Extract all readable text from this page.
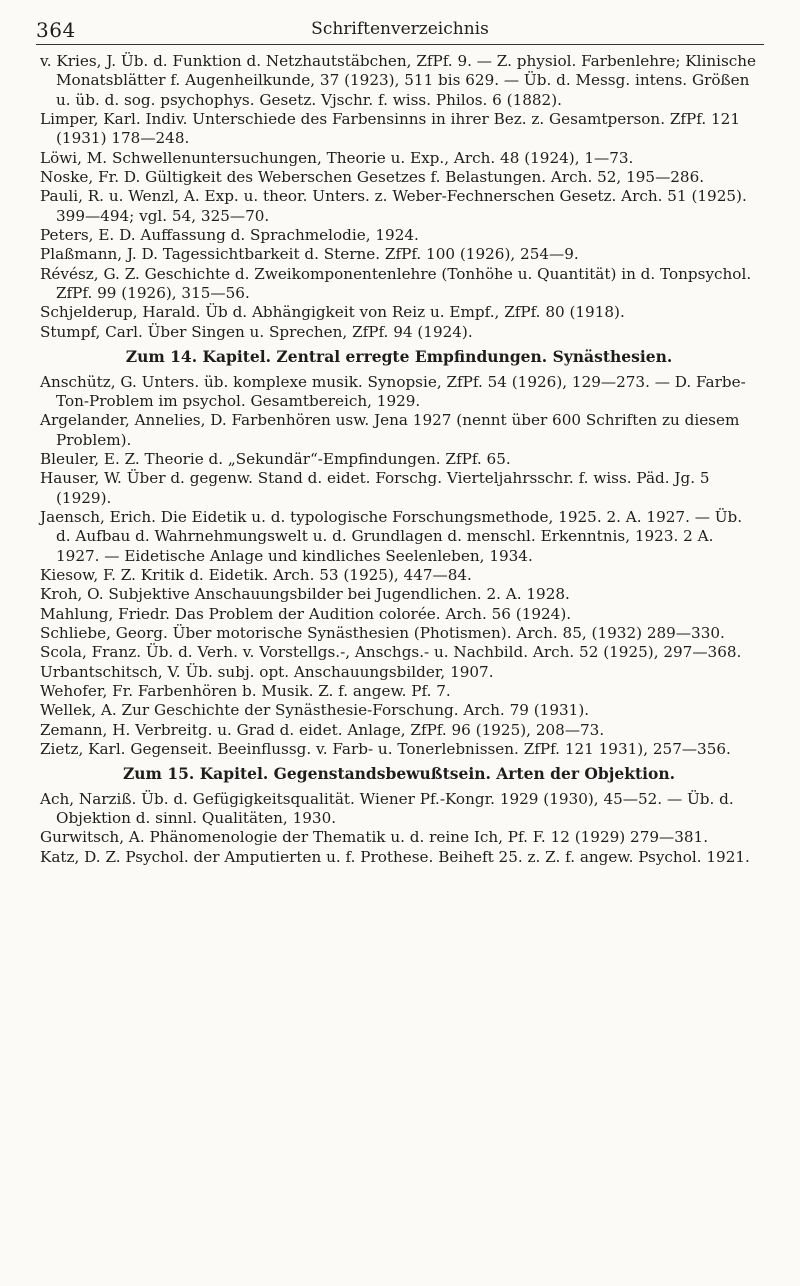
364	Schriftenverzeichnis

v. Kries, J. Üb. d. Funktion d. Netzhautstäbchen, ZfPf. 9. — Z. physiol. Farbenlehre; Klinische Monatsblätter f. Augenheilkunde, 37 (1923), 511 bis 629. — Üb. d. Messg. intens. Größen u. üb. d. sog. psychophys. Gesetz. Vjschr. f. wiss. Philos. 6 (1882).

Limper, Karl. Indiv. Unterschiede des Farbensinns in ihrer Bez. z. Gesamtperson. ZfPf. 121 (1931) 178—248.

Löwi, M. Schwellenuntersuchungen, Theorie u. Exp., Arch. 48 (1924), 1—73.

Noske, Fr. D. Gültigkeit des Weberschen Gesetzes f. Belastungen. Arch. 52, 195—286.

Pauli, R. u. Wenzl, A. Exp. u. theor. Unters. z. Weber-Fechnerschen Gesetz. Arch. 51 (1925). 399—494; vgl. 54, 325—70.

Peters, E. D. Auffassung d. Sprachmelodie, 1924.

Plaßmann, J. D. Tagessichtbarkeit d. Sterne. ZfPf. 100 (1926), 254—9.

Révész, G. Z. Geschichte d. Zweikomponentenlehre (Tonhöhe u. Quantität) in d. Tonpsychol. ZfPf. 99 (1926), 315—56.

Schjelderup, Harald. Üb d. Abhängigkeit von Reiz u. Empf., ZfPf. 80 (1918).

Stumpf, Carl. Über Singen u. Sprechen, ZfPf. 94 (1924).

Zum 14. Kapitel. Zentral erregte Empfindungen. Synästhesien.

Anschütz, G. Unters. üb. komplexe musik. Synopsie, ZfPf. 54 (1926), 129—273. — D. Farbe-Ton-Problem im psychol. Gesamtbereich, 1929.

Argelander, Annelies, D. Farbenhören usw. Jena 1927 (nennt über 600 Schriften zu diesem Problem).

Bleuler, E. Z. Theorie d. „Sekundär“-Empfindungen. ZfPf. 65.

Hauser, W. Über d. gegenw. Stand d. eidet. Forschg. Vierteljahrsschr. f. wiss. Päd. Jg. 5 (1929).

Jaensch, Erich. Die Eidetik u. d. typologische Forschungsmethode, 1925. 2. A. 1927. — Üb. d. Aufbau d. Wahrnehmungswelt u. d. Grundlagen d. menschl. Erkenntnis, 1923. 2 A. 1927. — Eidetische Anlage und kindliches Seelenleben, 1934.

Kiesow, F. Z. Kritik d. Eidetik. Arch. 53 (1925), 447—84.

Kroh, O. Subjektive Anschauungsbilder bei Jugendlichen. 2. A. 1928.

Mahlung, Friedr. Das Problem der Audition colorée. Arch. 56 (1924).

Schliebe, Georg. Über motorische Synästhesien (Photismen). Arch. 85, (1932) 289—330.

Scola, Franz. Üb. d. Verh. v. Vorstellgs.-, Anschgs.- u. Nachbild. Arch. 52 (1925), 297—368.

Urbantschitsch, V. Üb. subj. opt. Anschauungsbilder, 1907.

Wehofer, Fr. Farbenhören b. Musik. Z. f. angew. Pf. 7.

Wellek, A. Zur Geschichte der Synästhesie-Forschung. Arch. 79 (1931).

Zemann, H. Verbreitg. u. Grad d. eidet. Anlage, ZfPf. 96 (1925), 208—73.

Zietz, Karl. Gegenseit. Beeinflussg. v. Farb- u. Tonerlebnissen. ZfPf. 121 1931), 257—356.

Zum 15. Kapitel. Gegenstandsbewußtsein. Arten der Objektion.

Ach, Narziß. Üb. d. Gefügigkeitsqualität. Wiener Pf.-Kongr. 1929 (1930), 45—52. — Üb. d. Objektion d. sinnl. Qualitäten, 1930.

Gurwitsch, A. Phänomenologie der Thematik u. d. reine Ich, Pf. F. 12 (1929) 279—381.

Katz, D. Z. Psychol. der Amputierten u. f. Prothese. Beiheft 25. z. Z. f. angew. Psychol. 1921.
